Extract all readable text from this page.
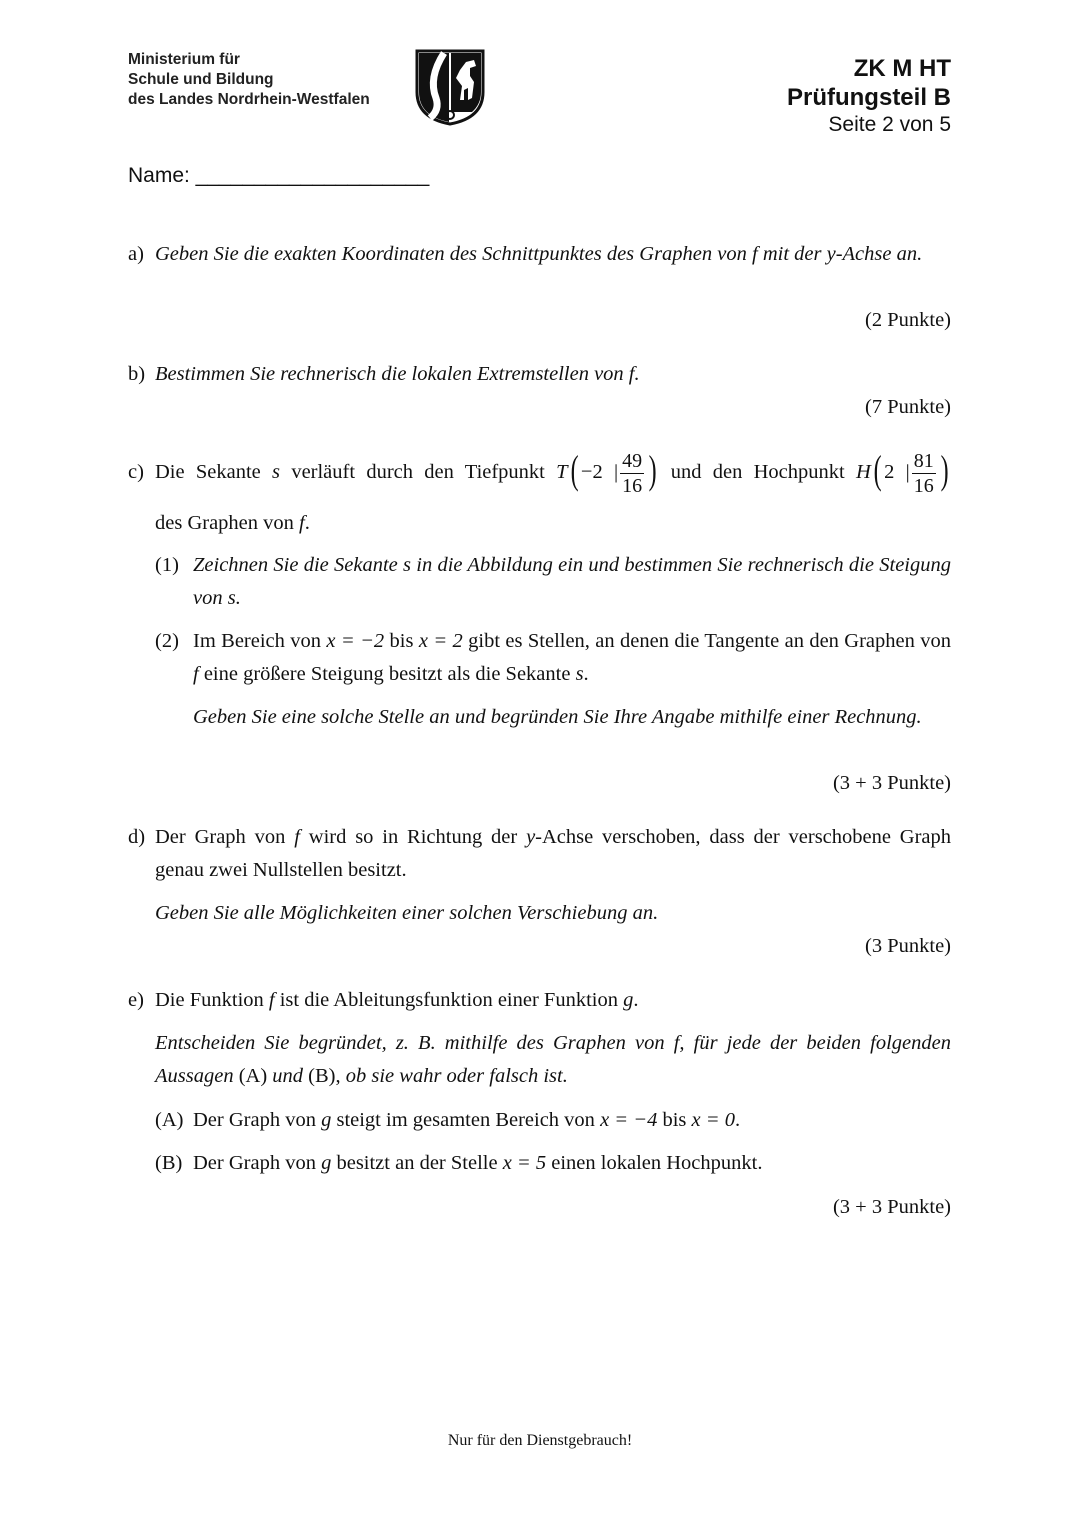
Ministerium für
Schule und Bildung
des Landes Nordrhein-Westfalen
ZK M HT
Prüfungsteil B
Seite 2 von 5
Name: ____________________
a) Geben Sie die exakten Koordinaten des Schnittpunktes des Graphen von f mit der y-Achse an.
(2 Punkte)
b) Bestimmen Sie rechnerisch die lokalen Extremstellen von f.
(7 Punkte)
c) Die Sekante s verläuft durch den Tiefpunkt T( −2 | $\frac{49}{16}$ ) und den Hochpunkt H( 2 | $\frac{81}{16}$ )
des Graphen von f.
(1) Zeichnen Sie die Sekante s in die Abbildung ein und bestimmen Sie rechnerisch die Steigung von s.
(2) Im Bereich von x = −2 bis x = 2 gibt es Stellen, an denen die Tangente an den Graphen von f eine größere Steigung besitzt als die Sekante s.
Geben Sie eine solche Stelle an und begründen Sie Ihre Angabe mithilfe einer Rechnung.
(3 + 3 Punkte)
d) Der Graph von f wird so in Richtung der y-Achse verschoben, dass der verschobene Graph genau zwei Nullstellen besitzt.
Geben Sie alle Möglichkeiten einer solchen Verschiebung an.
(3 Punkte)
e) Die Funktion f ist die Ableitungsfunktion einer Funktion g.
Entscheiden Sie begründet, z. B. mithilfe des Graphen von f, für jede der beiden folgenden Aussagen (A) und (B), ob sie wahr oder falsch ist.
(A) Der Graph von g steigt im gesamten Bereich von x = −4 bis x = 0.
(B) Der Graph von g besitzt an der Stelle x = 5 einen lokalen Hochpunkt.
(3 + 3 Punkte)
Nur für den Dienstgebrauch!
